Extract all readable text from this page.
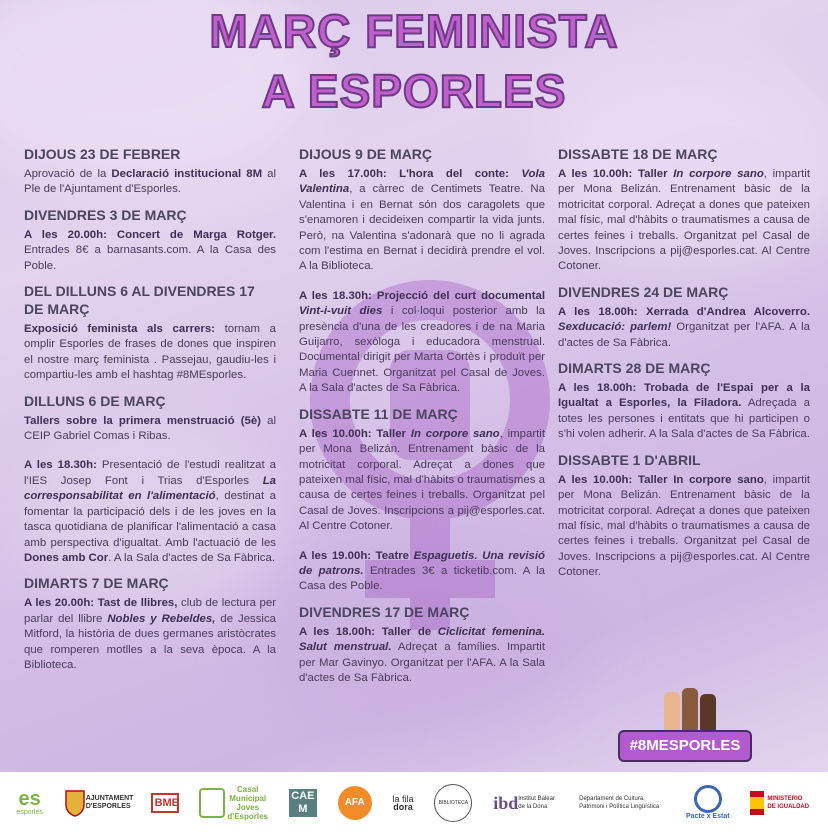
MARÇ FEMINISTA
A ESPORLES
DIJOUS 23 DE FEBRER

Aprovació de la Declaració institucional 8M al Ple de l'Ajuntament d'Esporles.

DIVENDRES 3 DE MARÇ

A les 20.00h: Concert de Marga Rotger. Entrades 8€ a barnasants.com. A la Casa des Poble.

DEL DILLUNS 6 AL DIVENDRES 17 DE MARÇ

Exposició feminista als carrers: tornam a omplir Esporles de frases de dones que inspiren el nostre març feminista . Passejau, gaudiu-les i compartiu-les amb el hashtag #8MEsporles.

DILLUNS 6 DE MARÇ

Tallers sobre la primera menstruació (5è) al CEIP Gabriel Comas i Ribas.

A les 18.30h: Presentació de l'estudi realitzat a l'IES Josep Font i Trias d'Esporles La corresponsabilitat en l'alimentació, destinat a fomentar la participació dels i de les joves en la tasca quotidiana de planificar l'alimentació a casa amb perspectiva d'igualtat. Amb l'actuació de les Dones amb Cor. A la Sala d'actes de Sa Fàbrica.

DIMARTS 7 DE MARÇ

A les 20.00h: Tast de llibres, club de lectura per parlar del llibre Nobles y Rebeldes, de Jessica Mitford, la història de dues germanes aristòcrates que romperen motlles a la seva època. A la Biblioteca.

DIJOUS 9 DE MARÇ

A les 17.00h: L'hora del conte: Vola Valentina, a càrrec de Centimets Teatre. Na Valentina i en Bernat són dos caragolets que s'enamoren i decideixen compartir la vida junts. Però, na Valentina s'adonarà que no li agrada com l'estima en Bernat i decidirà prendre el vol. A la Biblioteca.

A les 18.30h: Projecció del curt documental Vint-i-vuit dies i col·loqui posterior amb la presència d'una de les creadores i de na Maria Guijarro, sexòloga i educadora menstrual. Documental dirigit per Marta Cortès i produït per Maria Cuennet. Organitzat pel Casal de Joves. A la Sala d'actes de Sa Fàbrica.

DISSABTE 11 DE MARÇ

A les 10.00h: Taller In corpore sano, impartit per Mona Belizán. Entrenament bàsic de la motricitat corporal. Adreçat a dones que pateixen mal físic, mal d'hàbits o traumatismes a causa de certes feines i treballs. Organitzat pel Casal de Joves. Inscripcions a pij@esporles.cat. Al Centre Cotoner.

A les 19.00h: Teatre Espaguetis. Una revisió de patrons. Entrades 3€ a ticketib.com. A la Casa des Poble.

DIVENDRES 17 DE MARÇ

A les 18.00h: Taller de Ciclicitat femenina. Salut menstrual. Adreçat a famílies. Impartit per Mar Gavinyo. Organitzat per l'AFA. A la Sala d'actes de Sa Fàbrica.

DISSABTE 18 DE MARÇ

A les 10.00h: Taller In corpore sano, impartit per Mona Belizán. Entrenament bàsic de la motricitat corporal. Adreçat a dones que pateixen mal físic, mal d'hàbits o traumatismes a causa de certes feines i treballs. Organitzat pel Casal de Joves. Inscripcions a pij@esporles.cat. Al Centre Cotoner.

DIVENDRES 24 DE MARÇ

A les 18.00h: Xerrada d'Andrea Alcoverro. Sexducació: parlem! Organitzat per l'AFA. A la d'actes de Sa Fàbrica.

DIMARTS 28 DE MARÇ

A les 18.00h: Trobada de l'Espai per a la Igualtat a Esporles, la Filadora. Adreçada a totes les persones i entitats que hi participen o s'hi volen adherir. A la Sala d'actes de Sa Fàbrica.

DISSABTE 1 D'ABRIL

A les 10.00h: Taller In corpore sano, impartit per Mona Belizán. Entrenament bàsic de la motricitat corporal. Adreçat a dones que pateixen mal físic, mal d'hàbits o traumatismes a causa de certes feines i treballs. Organitzat pel Casal de Joves. Inscripcions a pij@esporles.cat. Al Centre Cotoner.

#8MESPORLES
es
esporles
AJUNTAMENT D'ESPORLES	BME
Casal
Municipal
Joves
d'Esporles
CAE M
AFA	la fila
dora	BIBLIOTECA ibd Institut Balear de la Dona
Departament de Cultura, Patrimoni i Política Lingüística
Pacte x Estat
MINISTERIO DE IGUALDAD
